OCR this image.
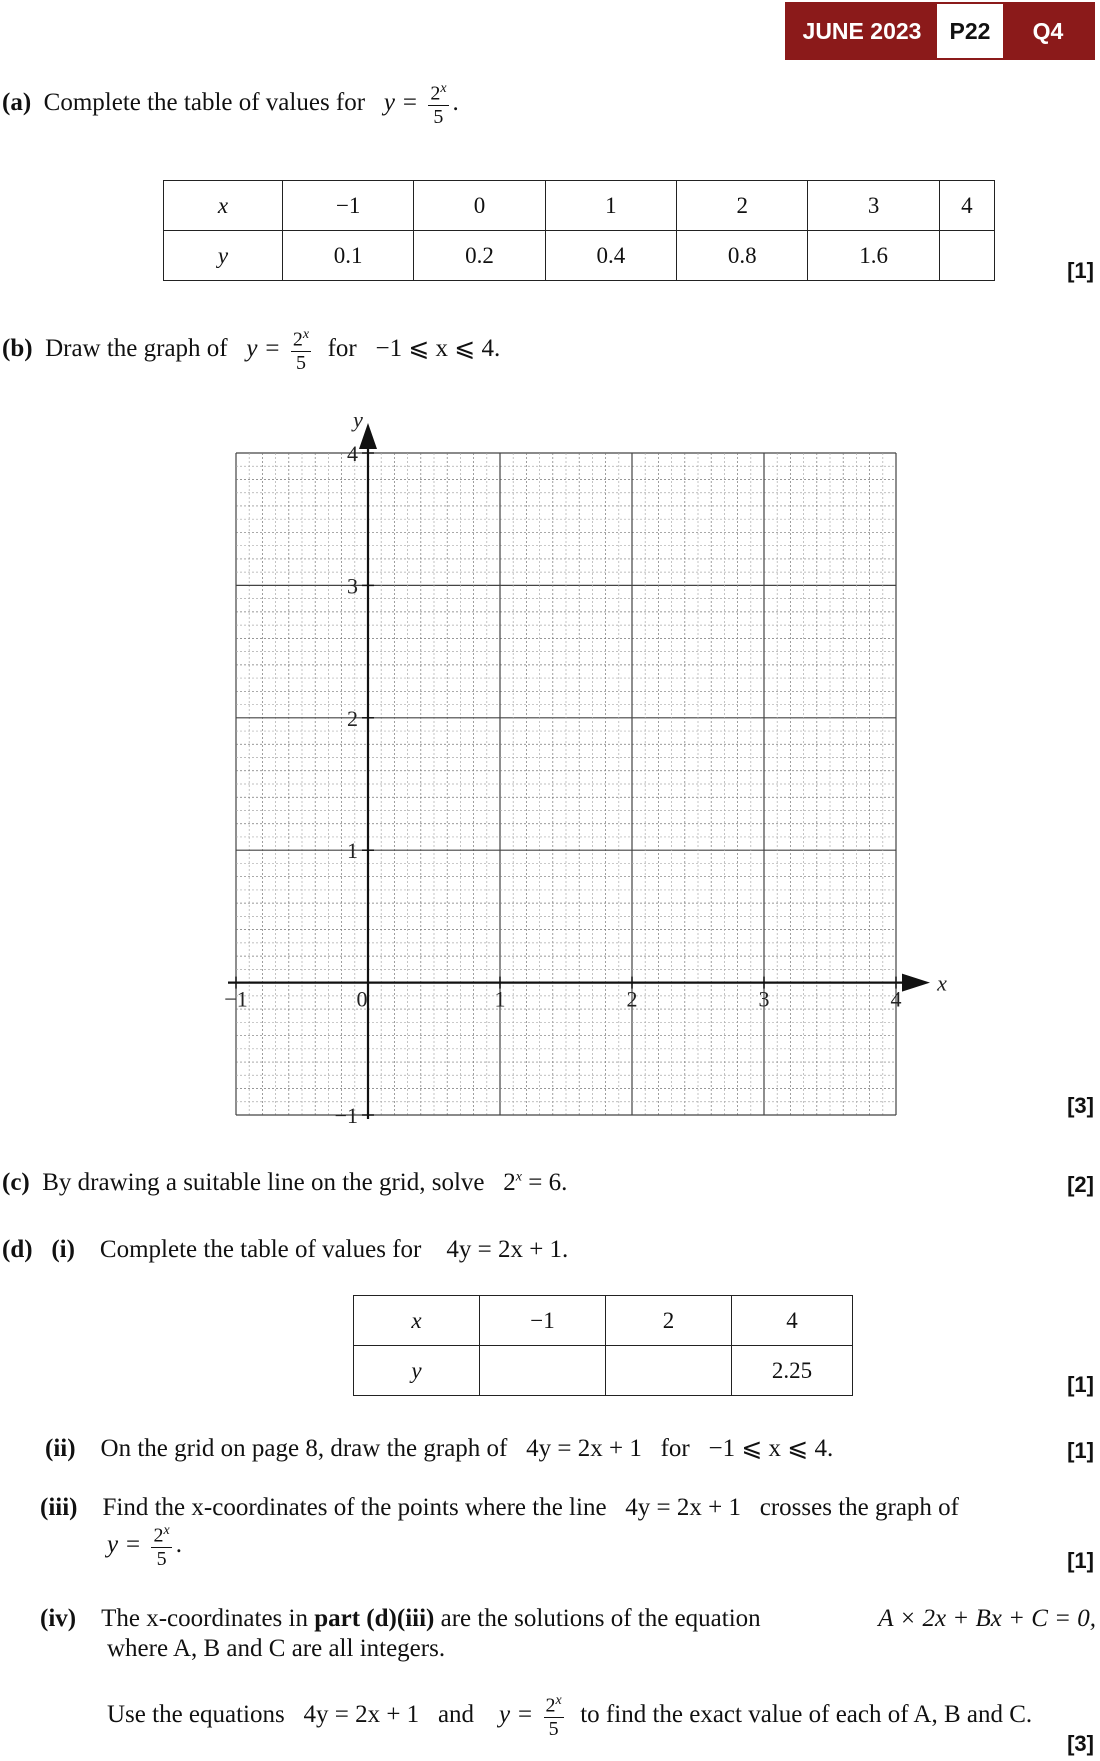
JUNE 2023	P22	Q4
(a) Complete the table of values for $y = \frac{2^x}{5}$ .
x	−1	0	1	2	3	4
y	0.1	0.2	0.4	0.8	1.6	
[1]
(b) Draw the graph of $y = \frac{2^x}{5}$ for −1 ⩽ x ⩽ 4.
−1	0	1	2	3	4
4
3
2
1
−1
x
y
[3]
(c) By drawing a suitable line on the grid, solve $2^x = 6$.	[2]
(d) (i) Complete the table of values for 4y = 2x + 1.
x	−1	2	4
y			2.25
[1]
(ii) On the grid on page 8, draw the graph of 4y = 2x + 1 for −1 ⩽ x ⩽ 4.	[1]
(iii) Find the x-coordinates of the points where the line 4y = 2x + 1 crosses the graph of
$y = \frac{2^x}{5}$ .
[1]
(iv) The x-coordinates in part (d)(iii) are the solutions of the equation	A × 2x + Bx + C = 0,
where A, B and C are all integers.
Use the equations 4y = 2x + 1 and $y = \frac{2^x}{5}$ to find the exact value of each of A, B and C.
[3]
